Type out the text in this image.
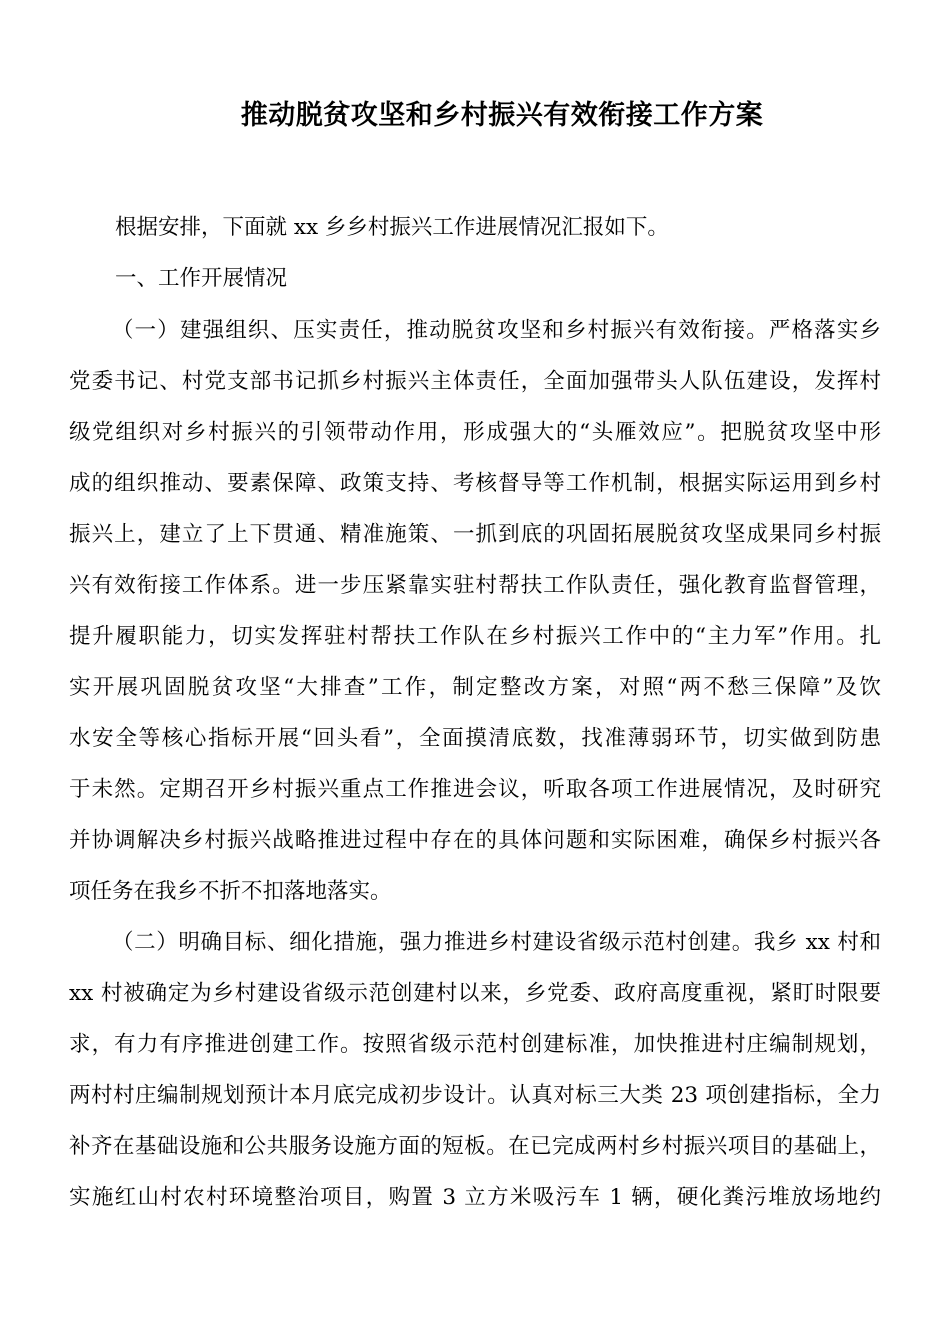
推动脱贫攻坚和乡村振兴有效衔接工作方案
根据安排，下面就 xx 乡乡村振兴工作进展情况汇报如下。
一、工作开展情况
（一）建强组织、压实责任，推动脱贫攻坚和乡村振兴有效衔接。严格落实乡
党委书记、村党支部书记抓乡村振兴主体责任，全面加强带头人队伍建设，发挥村
级党组织对乡村振兴的引领带动作用，形成强大的“头雁效应”。把脱贫攻坚中形
成的组织推动、要素保障、政策支持、考核督导等工作机制，根据实际运用到乡村
振兴上，建立了上下贯通、精准施策、一抓到底的巩固拓展脱贫攻坚成果同乡村振
兴有效衔接工作体系。进一步压紧靠实驻村帮扶工作队责任，强化教育监督管理，
提升履职能力，切实发挥驻村帮扶工作队在乡村振兴工作中的“主力军”作用。扎
实开展巩固脱贫攻坚“大排查”工作，制定整改方案，对照“两不愁三保障”及饮
水安全等核心指标开展“回头看”，全面摸清底数，找准薄弱环节，切实做到防患
于未然。定期召开乡村振兴重点工作推进会议，听取各项工作进展情况，及时研究
并协调解决乡村振兴战略推进过程中存在的具体问题和实际困难，确保乡村振兴各
项任务在我乡不折不扣落地落实。
（二）明确目标、细化措施，强力推进乡村建设省级示范村创建。我乡 xx 村和
xx 村被确定为乡村建设省级示范创建村以来，乡党委、政府高度重视，紧盯时限要
求，有力有序推进创建工作。按照省级示范村创建标准，加快推进村庄编制规划，
两村村庄编制规划预计本月底完成初步设计。认真对标三大类 23 项创建指标，全力
补齐在基础设施和公共服务设施方面的短板。在已完成两村乡村振兴项目的基础上，
实施红山村农村环境整治项目，购置 3 立方米吸污车 1 辆，硬化粪污堆放场地约
